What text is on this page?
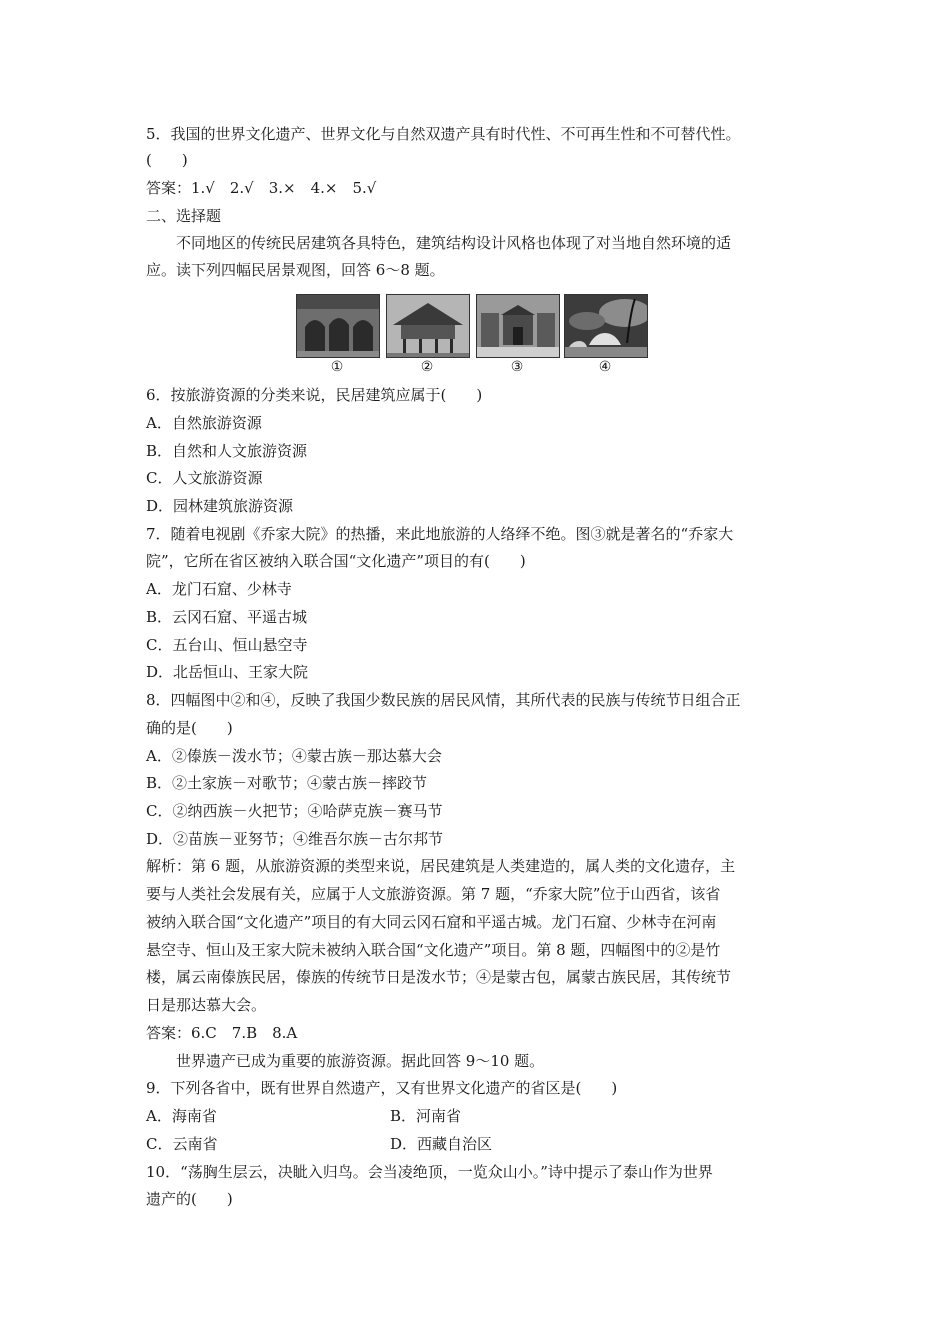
5．我国的世界文化遗产、世界文化与自然双遗产具有时代性、不可再生性和不可替代性。
(　　)
答案：1.√　2.√　3.×　4.×　5.√
二、选择题
不同地区的传统民居建筑各具特色，建筑结构设计风格也体现了对当地自然环境的适
应。读下列四幅民居景观图，回答 6～8 题。
①	②	③	④
6．按旅游资源的分类来说，民居建筑应属于(　　)
A．自然旅游资源
B．自然和人文旅游资源
C．人文旅游资源
D．园林建筑旅游资源
7．随着电视剧《乔家大院》的热播，来此地旅游的人络绎不绝。图③就是著名的“乔家大
院”，它所在省区被纳入联合国“文化遗产”项目的有(　　)
A．龙门石窟、少林寺
B．云冈石窟、平遥古城
C．五台山、恒山悬空寺
D．北岳恒山、王家大院
8．四幅图中②和④，反映了我国少数民族的居民风情，其所代表的民族与传统节日组合正
确的是(　　)
A．②傣族－泼水节；④蒙古族－那达慕大会
B．②土家族－对歌节；④蒙古族－摔跤节
C．②纳西族－火把节；④哈萨克族－赛马节
D．②苗族－亚努节；④维吾尔族－古尔邦节
解析：第 6 题，从旅游资源的类型来说，居民建筑是人类建造的，属人类的文化遗存，主
要与人类社会发展有关，应属于人文旅游资源。第 7 题，“乔家大院”位于山西省，该省
被纳入联合国“文化遗产”项目的有大同云冈石窟和平遥古城。龙门石窟、少林寺在河南
悬空寺、恒山及王家大院未被纳入联合国“文化遗产”项目。第 8 题，四幅图中的②是竹
楼，属云南傣族民居，傣族的传统节日是泼水节；④是蒙古包，属蒙古族民居，其传统节
日是那达慕大会。
答案：6.C　7.B　8.A
世界遗产已成为重要的旅游资源。据此回答 9～10 题。
9．下列各省中，既有世界自然遗产，又有世界文化遗产的省区是(　　)
A．海南省	B．河南省
C．云南省	D．西藏自治区
10．“荡胸生层云，决眦入归鸟。会当凌绝顶，一览众山小。”诗中提示了泰山作为世界
遗产的(　　)
